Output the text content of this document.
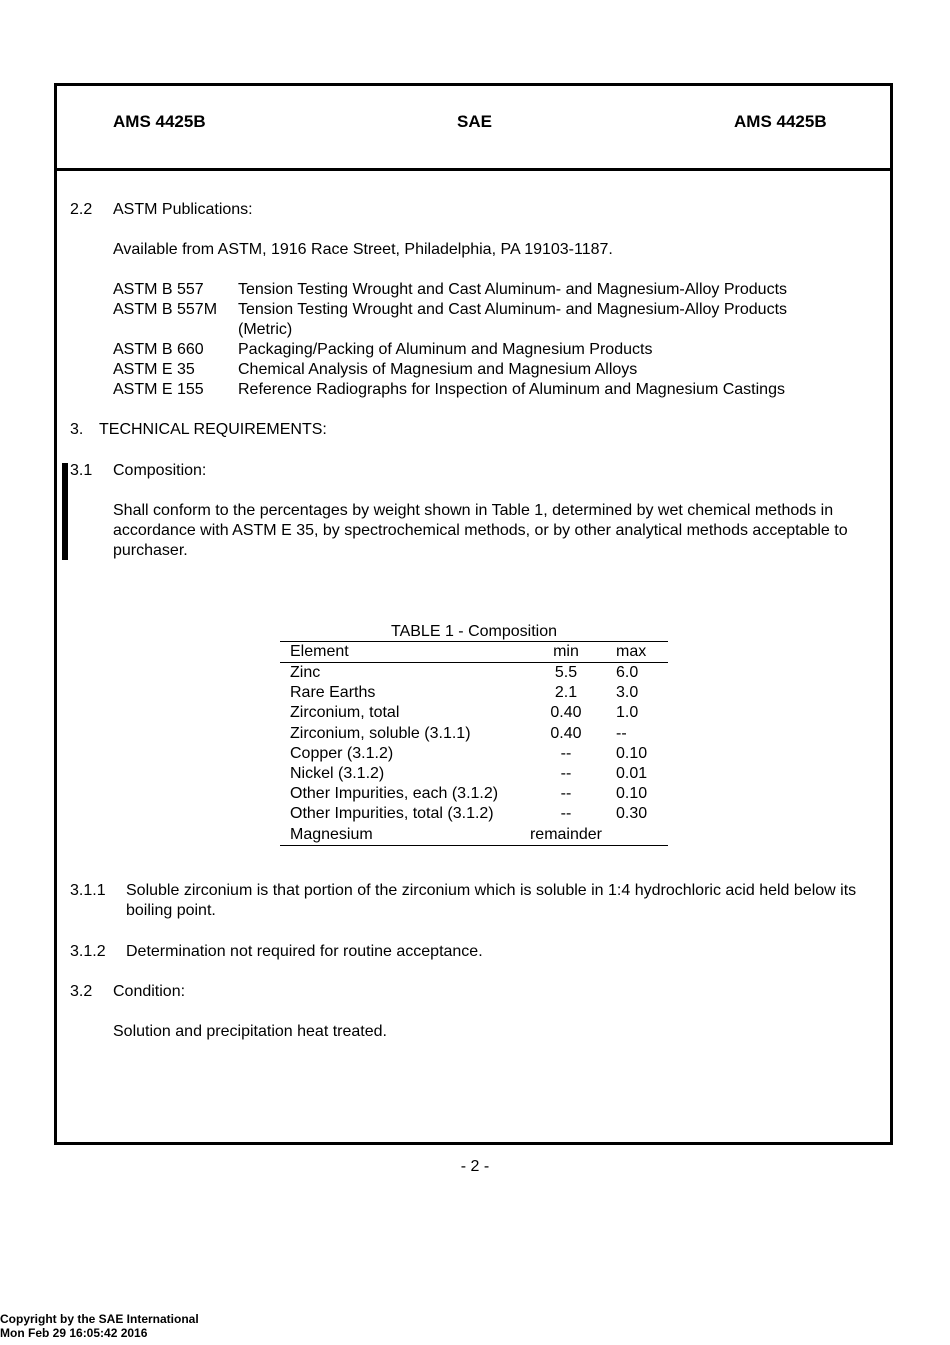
AMS 4425B	SAE	AMS 4425B
2.2 ASTM Publications:
Available from ASTM, 1916 Race Street, Philadelphia, PA 19103-1187.
ASTM B 557 Tension Testing Wrought and Cast Aluminum- and Magnesium-Alloy Products
ASTM B 557M Tension Testing Wrought and Cast Aluminum- and Magnesium-Alloy Products (Metric)
ASTM B 660 Packaging/Packing of Aluminum and Magnesium Products
ASTM E 35	Chemical Analysis of Magnesium and Magnesium Alloys
ASTM E 155 Reference Radiographs for Inspection of Aluminum and Magnesium Castings
3. TECHNICAL REQUIREMENTS:
3.1 Composition:
Shall conform to the percentages by weight shown in Table 1, determined by wet chemical methods in accordance with ASTM E 35, by spectrochemical methods, or by other analytical methods acceptable to purchaser.
TABLE 1 - Composition
Element	min	max
Zinc	5.5	6.0
Rare Earths	2.1	3.0
Zirconium, total	0.40	1.0
Zirconium, soluble (3.1.1)	0.40	--
Copper (3.1.2)	--	0.10
Nickel (3.1.2)	--	0.01
Other Impurities, each (3.1.2)	--	0.10
Other Impurities, total (3.1.2)	--	0.30
Magnesium	remainder	
3.1.1 Soluble zirconium is that portion of the zirconium which is soluble in 1:4 hydrochloric acid held below its boiling point.
3.1.2 Determination not required for routine acceptance.
3.2 Condition:
Solution and precipitation heat treated.
- 2 -
Copyright by the SAE International
Mon Feb 29 16:05:42 2016
